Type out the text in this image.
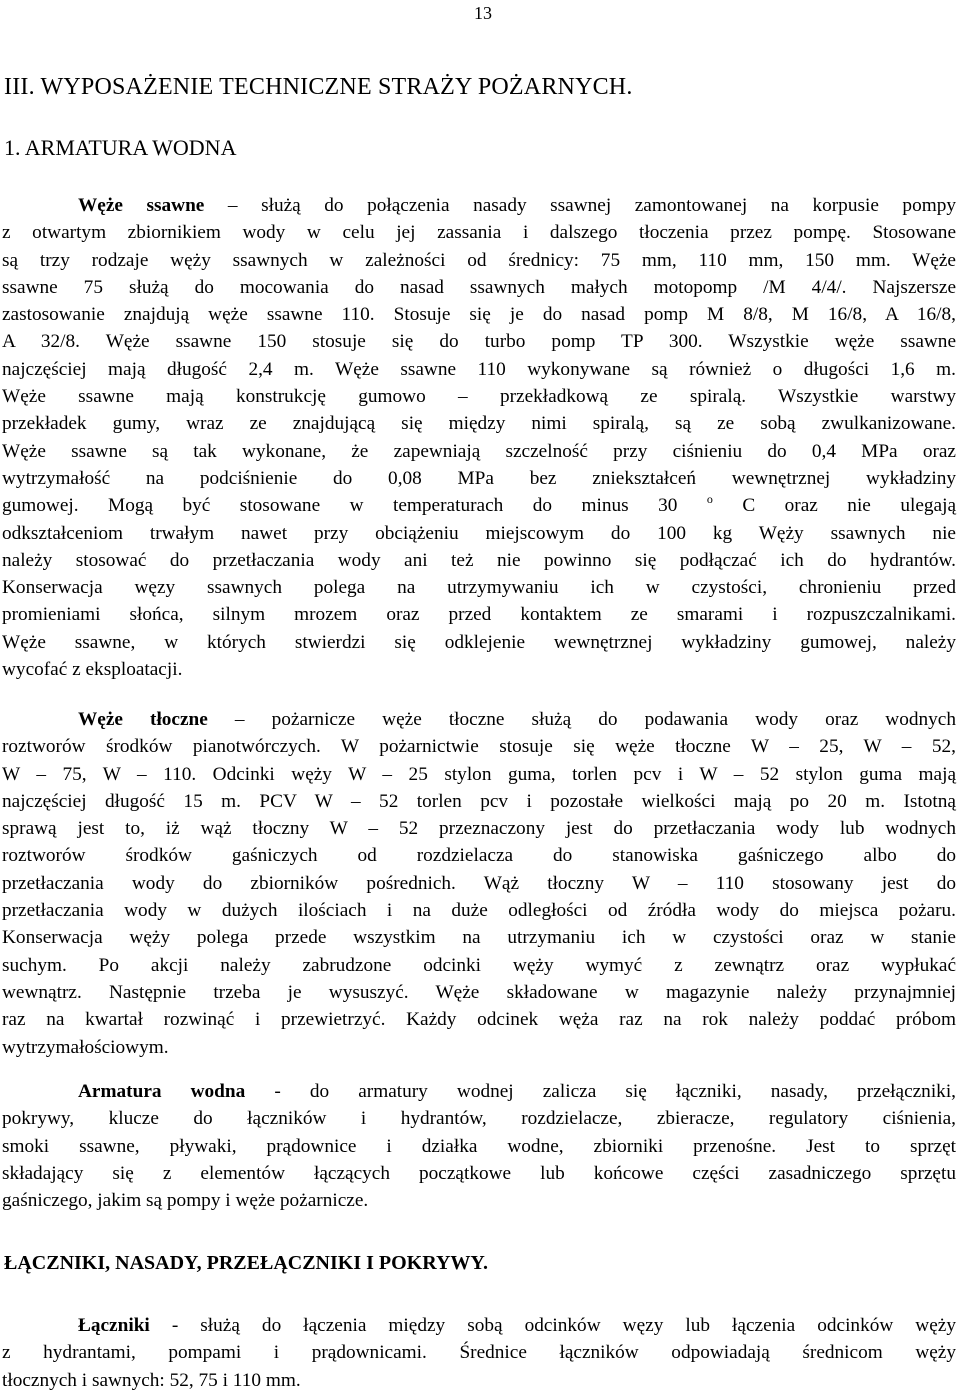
13
III. WYPOSAŻENIE TECHNICZNE STRAŻY POŻARNYCH.
1. ARMATURA WODNA

Węże ssawne – służą do połączenia nasady ssawnej zamontowanej na korpusie pompy
z otwartym zbiornikiem wody w celu jej zassania i dalszego tłoczenia przez pompę. Stosowane
są trzy rodzaje węży ssawnych w zależności od średnicy: 75 mm, 110 mm, 150 mm. Węże
ssawne 75 służą do mocowania do nasad ssawnych małych motopomp /M 4/4/. Najszersze
zastosowanie znajdują węże ssawne 110. Stosuje się je do nasad pomp M 8/8, M 16/8, A 16/8,
A 32/8. Węże ssawne 150 stosuje się do turbo pomp TP 300. Wszystkie węże ssawne
najczęściej mają długość 2,4 m. Węże ssawne 110 wykonywane są również o długości 1,6 m.
Węże ssawne mają konstrukcję gumowo – przekładkową ze spiralą. Wszystkie warstwy
przekładek gumy, wraz ze znajdującą się między nimi spiralą, są ze sobą zwulkanizowane.
Węże ssawne są tak wykonane, że zapewniają szczelność przy ciśnieniu do 0,4 MPa oraz
wytrzymałość na podciśnienie do 0,08 MPa bez zniekształceń wewnętrznej wykładziny
gumowej. Mogą być stosowane w temperaturach do minus 30 $^o$ C oraz nie ulegają
odkształceniom trwałym nawet przy obciążeniu miejscowym do 100 kg Węży ssawnych nie
należy stosować do przetłaczania wody ani też nie powinno się podłączać ich do hydrantów.
Konserwacja węzy ssawnych polega na utrzymywaniu ich w czystości, chronieniu przed
promieniami słońca, silnym mrozem oraz przed kontaktem ze smarami i rozpuszczalnikami.
Węże ssawne, w których stwierdzi się odklejenie wewnętrznej wykładziny gumowej, należy
wycofać z eksploatacji.

Węże tłoczne – pożarnicze węże tłoczne służą do podawania wody oraz wodnych
roztworów środków pianotwórczych. W pożarnictwie stosuje się węże tłoczne W – 25, W – 52,
W – 75, W – 110. Odcinki węży W – 25 stylon guma, torlen pcv i W – 52 stylon guma mają
najczęściej długość 15 m. PCV W – 52 torlen pcv i pozostałe wielkości mają po 20 m. Istotną
sprawą jest to, iż wąż tłoczny W – 52 przeznaczony jest do przetłaczania wody lub wodnych
roztworów środków gaśniczych od rozdzielacza do stanowiska gaśniczego albo do
przetłaczania wody do zbiorników pośrednich. Wąż tłoczny W – 110 stosowany jest do
przetłaczania wody w dużych ilościach i na duże odległości od źródła wody do miejsca pożaru.
Konserwacja węży polega przede wszystkim na utrzymaniu ich w czystości oraz w stanie
suchym. Po akcji należy zabrudzone odcinki węży wymyć z zewnątrz oraz wypłukać
wewnątrz. Następnie trzeba je wysuszyć. Węże składowane w magazynie należy przynajmniej
raz na kwartał rozwinąć i przewietrzyć. Każdy odcinek węża raz na rok należy poddać próbom
wytrzymałościowym.

Armatura wodna - do armatury wodnej zalicza się łączniki, nasady, przełączniki,
pokrywy, klucze do łączników i hydrantów, rozdzielacze, zbieracze, regulatory ciśnienia,
smoki ssawne, pływaki, prądownice i działka wodne, zbiorniki przenośne. Jest to sprzęt
składający się z elementów łączących początkowe lub końcowe części zasadniczego sprzętu
gaśniczego, jakim są pompy i węże pożarnicze.

ŁĄCZNIKI, NASADY, PRZEŁĄCZNIKI I POKRYWY.

Łączniki - służą do łączenia między sobą odcinków węzy lub łączenia odcinków węży
z hydrantami, pompami i prądownicami. Średnice łączników odpowiadają średnicom węży
tłocznych i sawnych: 52, 75 i 110 mm.
